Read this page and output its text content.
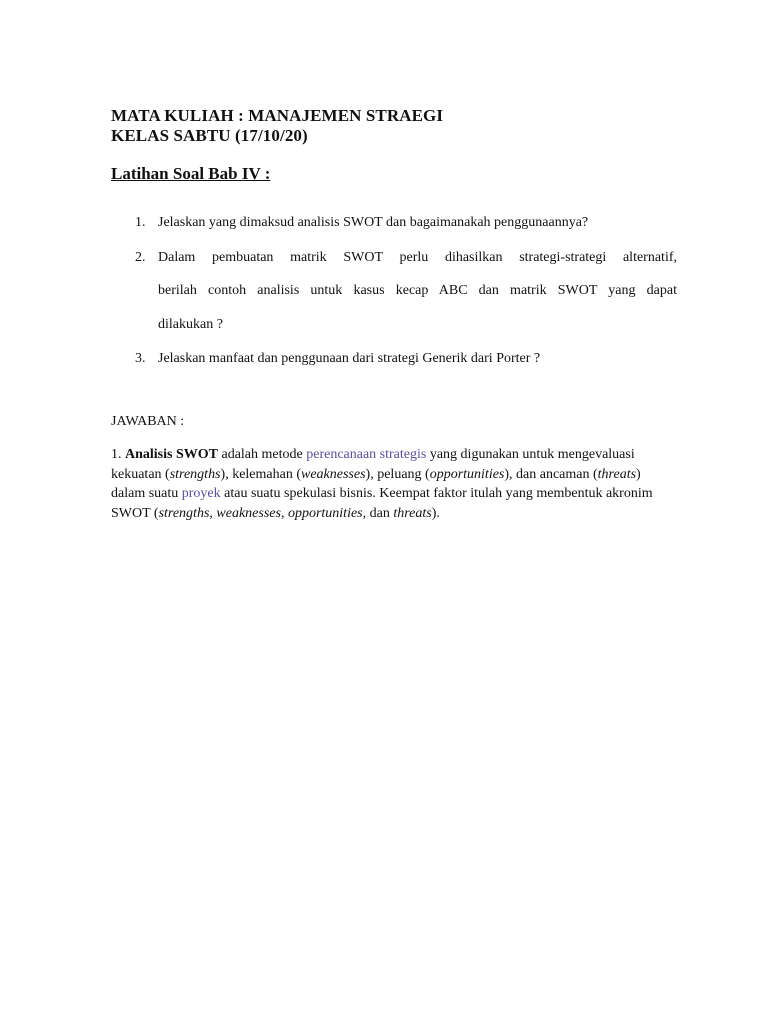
MATA KULIAH : MANAJEMEN STRAEGI
KELAS SABTU (17/10/20)
Latihan Soal Bab IV :
1. Jelaskan yang dimaksud analisis SWOT dan bagaimanakah penggunaannya?
2. Dalam pembuatan matrik SWOT perlu dihasilkan strategi-strategi alternatif,
berilah contoh analisis untuk kasus kecap ABC dan matrik SWOT yang dapat
dilakukan ?
3. Jelaskan manfaat dan penggunaan dari strategi Generik dari Porter ?
JAWABAN :
1. Analisis SWOT adalah metode perencanaan strategis yang digunakan untuk mengevaluasi kekuatan (strengths), kelemahan (weaknesses), peluang (opportunities), dan ancaman (threats) dalam suatu proyek atau suatu spekulasi bisnis. Keempat faktor itulah yang membentuk akronim SWOT (strengths, weaknesses, opportunities, dan threats).
